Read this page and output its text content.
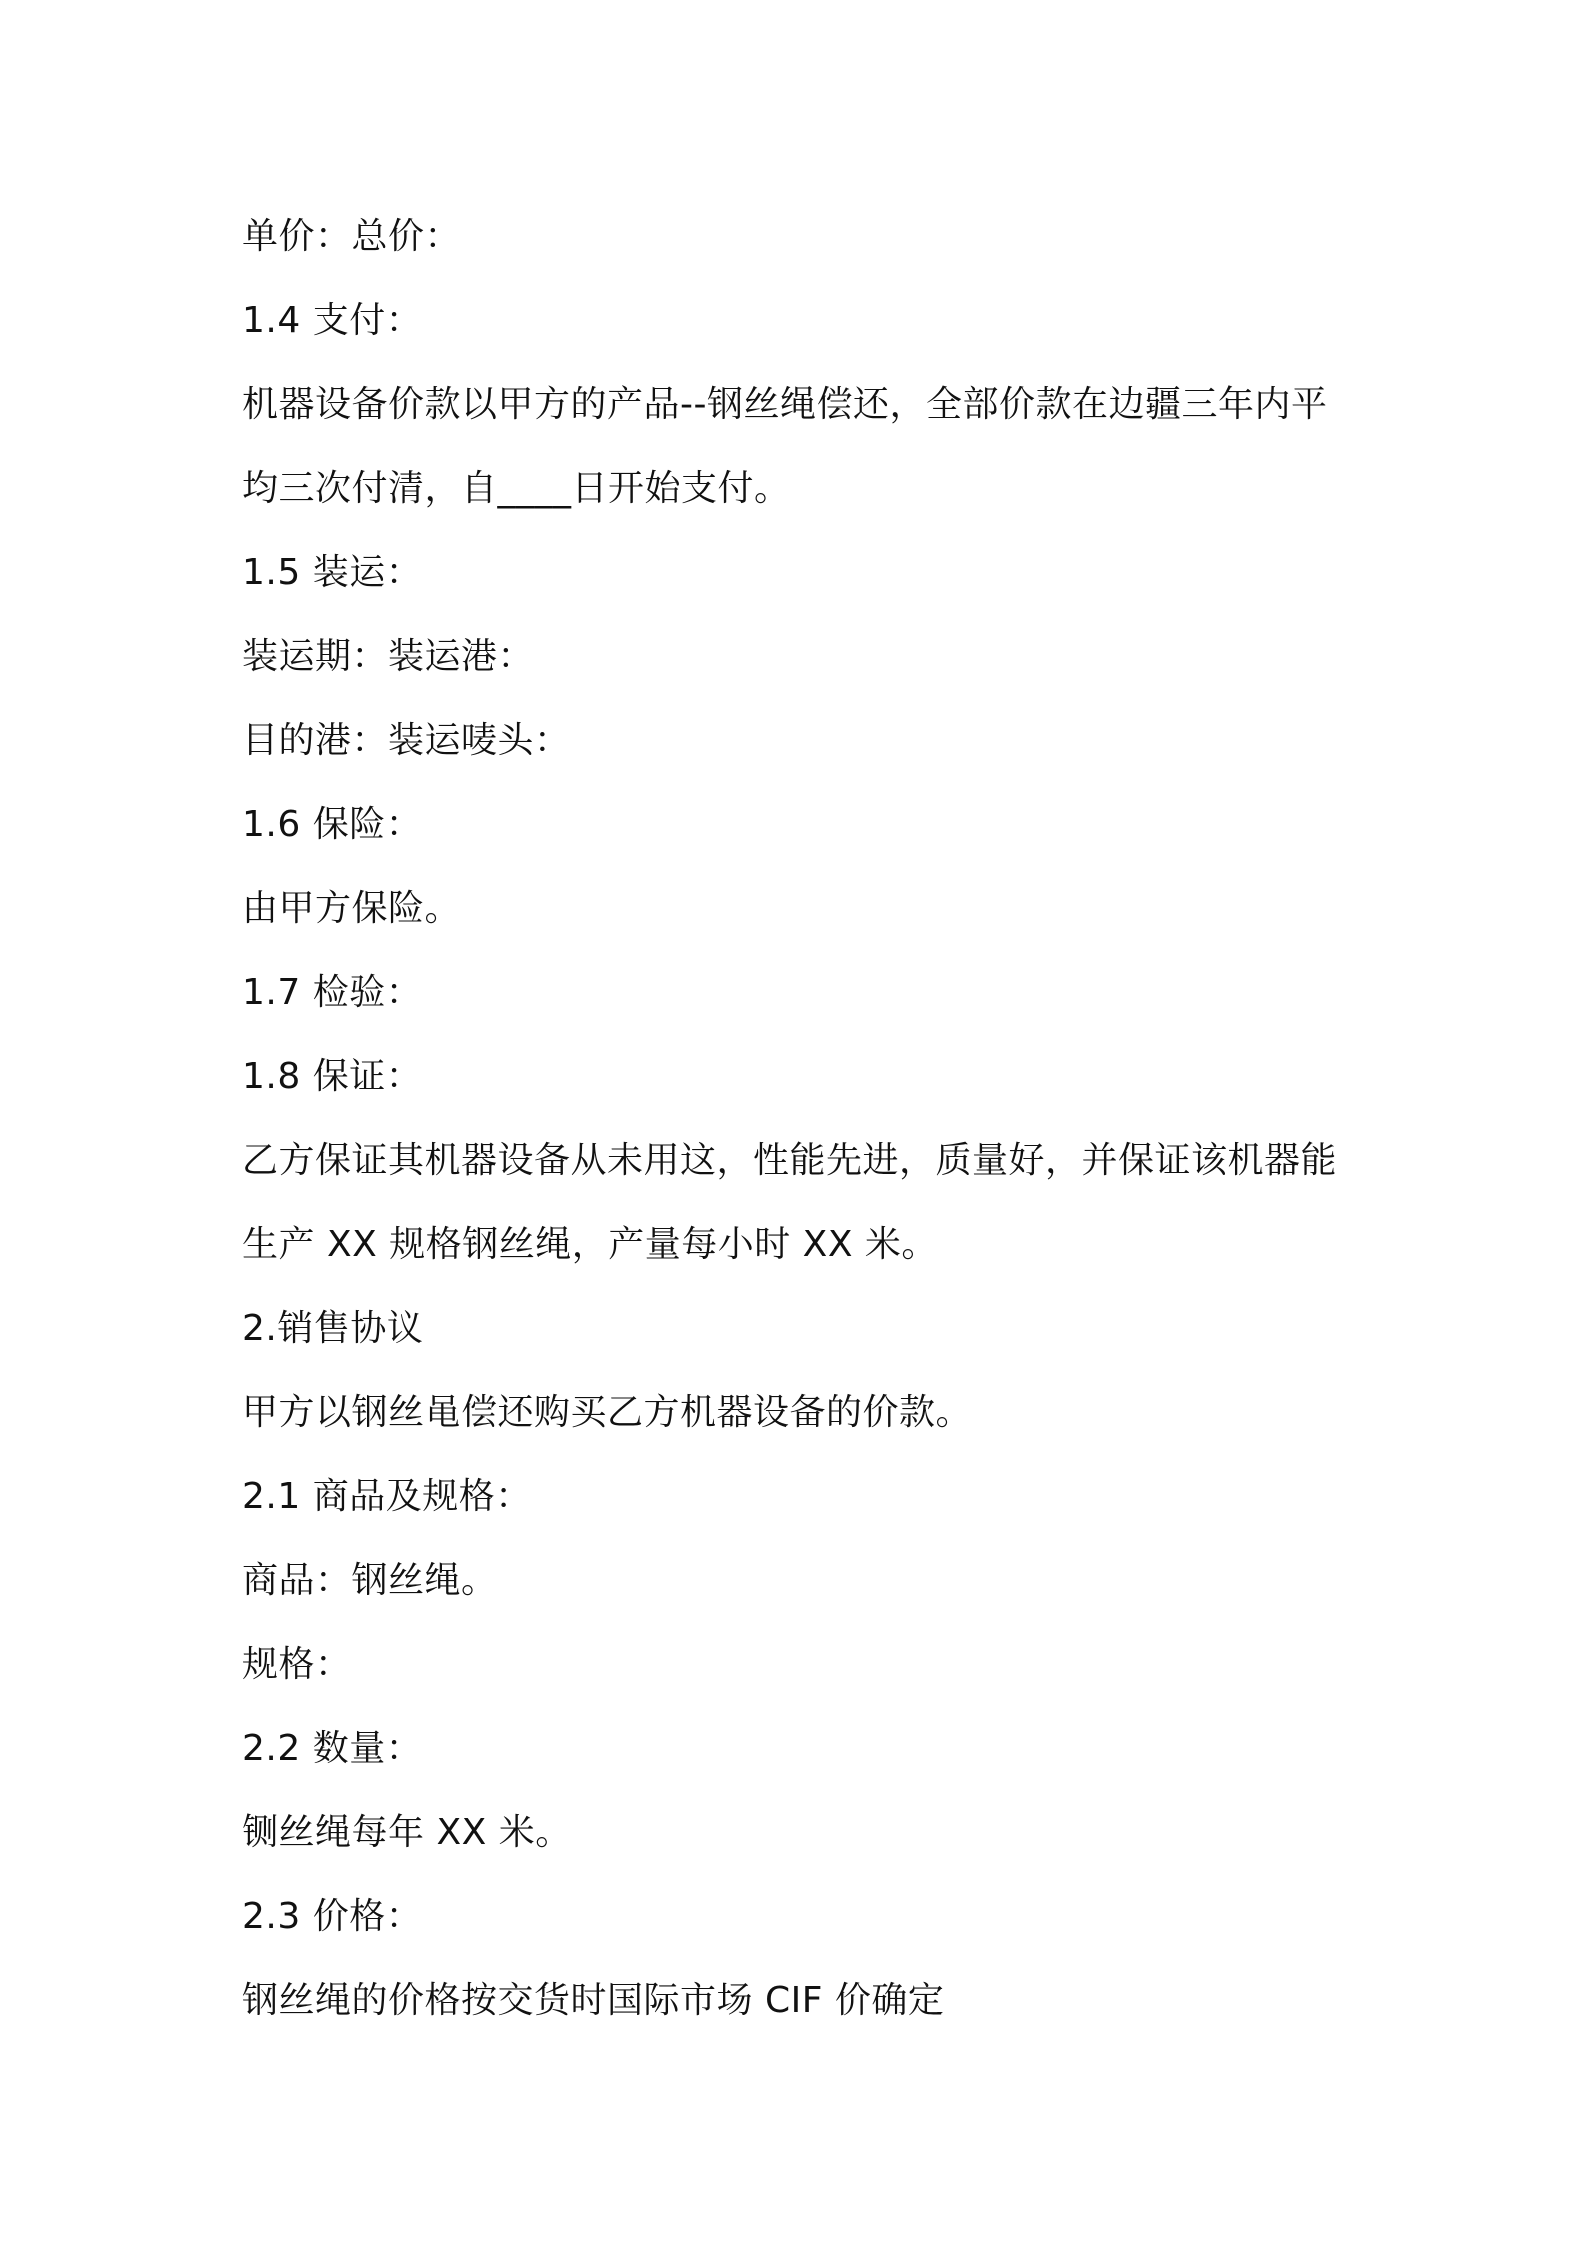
单价：总价：
1.4 支付：
机器设备价款以甲方的产品--钢丝绳偿还，全部价款在边疆三年内平
均三次付清，自____日开始支付。
1.5 装运：
装运期：装运港：
目的港：装运唛头：
1.6 保险：
由甲方保险。
1.7 检验：
1.8 保证：
乙方保证其机器设备从未用这，性能先进，质量好，并保证该机器能
生产 XX 规格钢丝绳，产量每小时 XX 米。
2.销售协议
甲方以钢丝黾偿还购买乙方机器设备的价款。
2.1 商品及规格：
商品：钢丝绳。
规格：
2.2 数量：
铡丝绳每年 XX 米。
2.3 价格：
钢丝绳的价格按交货时国际市场 CIF 价确定
